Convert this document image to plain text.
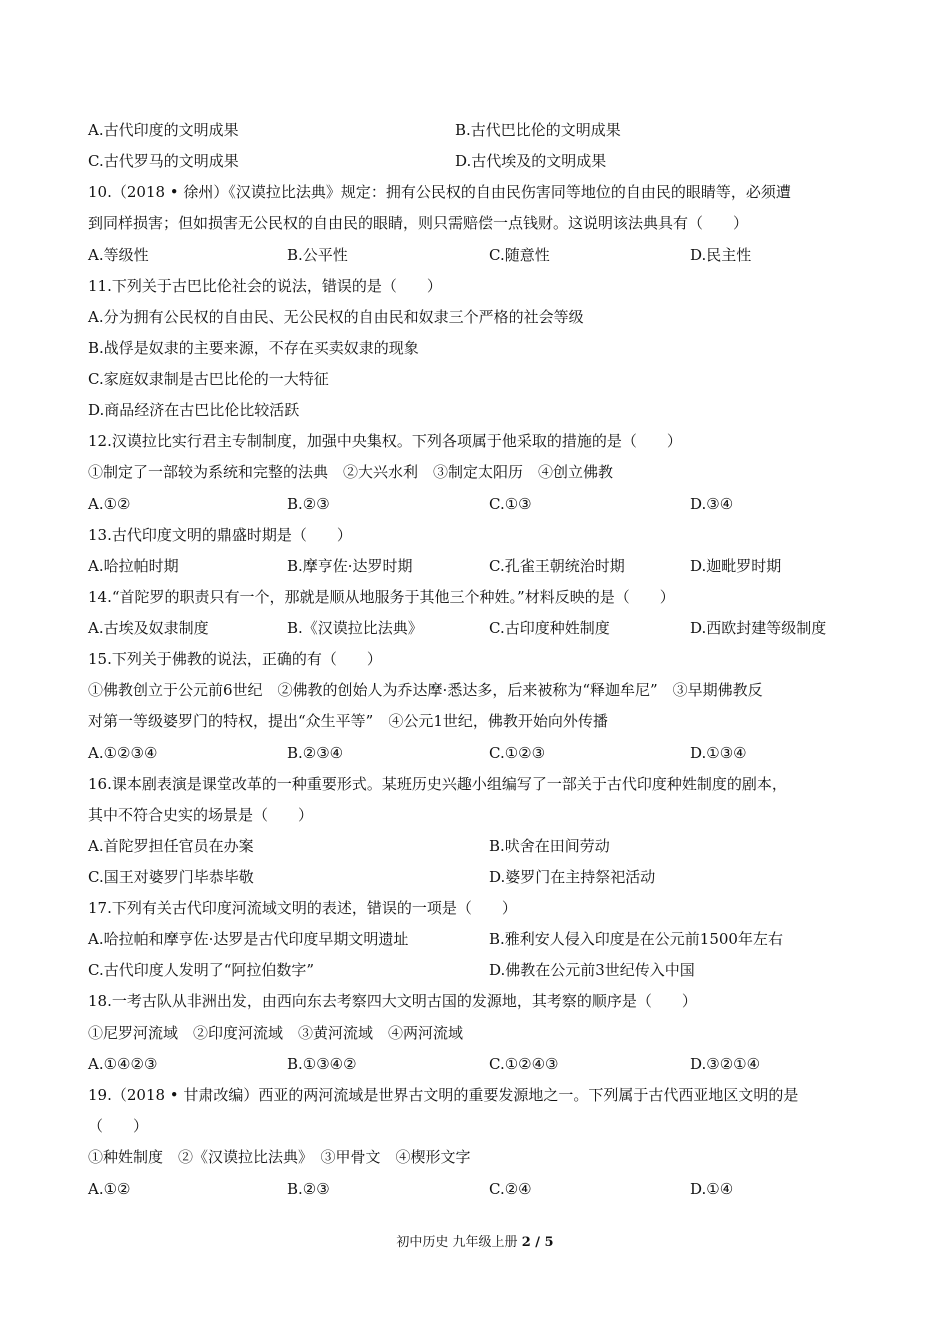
A.古代印度的文明成果	B.古代巴比伦的文明成果
C.古代罗马的文明成果	D.古代埃及的文明成果
10.（2018 • 徐州）《汉谟拉比法典》规定：拥有公民权的自由民伤害同等地位的自由民的眼睛等，必须遭
到同样损害；但如损害无公民权的自由民的眼睛，则只需赔偿一点钱财。这说明该法典具有（　　）
A.等级性	B.公平性	C.随意性	D.民主性
11.下列关于古巴比伦社会的说法，错误的是（　　）
A.分为拥有公民权的自由民、无公民权的自由民和奴隶三个严格的社会等级
B.战俘是奴隶的主要来源，不存在买卖奴隶的现象
C.家庭奴隶制是古巴比伦的一大特征
D.商品经济在古巴比伦比较活跃
12.汉谟拉比实行君主专制制度，加强中央集权。下列各项属于他采取的措施的是（　　）
①制定了一部较为系统和完整的法典　②大兴水利　③制定太阳历　④创立佛教
A.①②	B.②③	C.①③	D.③④
13.古代印度文明的鼎盛时期是（　　）
A.哈拉帕时期	B.摩亨佐·达罗时期	C.孔雀王朝统治时期	D.迦毗罗时期
14.“首陀罗的职责只有一个，那就是顺从地服务于其他三个种姓。”材料反映的是（　　）
A.古埃及奴隶制度	B.《汉谟拉比法典》	C.古印度种姓制度	D.西欧封建等级制度
15.下列关于佛教的说法，正确的有（　　）
①佛教创立于公元前6世纪　②佛教的创始人为乔达摩·悉达多，后来被称为“释迦牟尼”　③早期佛教反
对第一等级婆罗门的特权，提出“众生平等”　④公元1世纪，佛教开始向外传播
A.①②③④	B.②③④	C.①②③	D.①③④
16.课本剧表演是课堂改革的一种重要形式。某班历史兴趣小组编写了一部关于古代印度种姓制度的剧本，
其中不符合史实的场景是（　　）
A.首陀罗担任官员在办案	B.吠舍在田间劳动
C.国王对婆罗门毕恭毕敬	D.婆罗门在主持祭祀活动
17.下列有关古代印度河流域文明的表述，错误的一项是（　　）
A.哈拉帕和摩亨佐·达罗是古代印度早期文明遗址	B.雅利安人侵入印度是在公元前1500年左右
C.古代印度人发明了“阿拉伯数字”	D.佛教在公元前3世纪传入中国
18.一考古队从非洲出发，由西向东去考察四大文明古国的发源地，其考察的顺序是（　　）
①尼罗河流域　②印度河流域　③黄河流域　④两河流域
A.①④②③	B.①③④②	C.①②④③	D.③②①④
19.（2018 • 甘肃改编）西亚的两河流域是世界古文明的重要发源地之一。下列属于古代西亚地区文明的是
（　　）
①种姓制度　②《汉谟拉比法典》　③甲骨文　④楔形文字
A.①②	B.②③	C.②④	D.①④
初中历史 九年级上册 2 / 5
